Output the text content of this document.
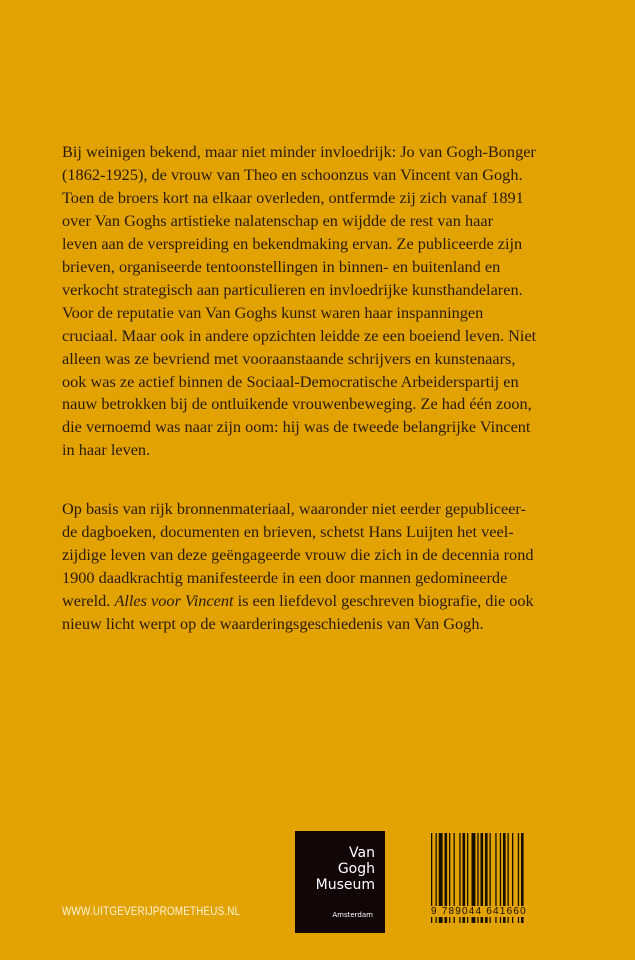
Bij weinigen bekend, maar niet minder invloedrijk: Jo van Gogh-Bonger
(1862-1925), de vrouw van Theo en schoonzus van Vincent van Gogh.
Toen de broers kort na elkaar overleden, ontfermde zij zich vanaf 1891
over Van Goghs artistieke nalatenschap en wijdde de rest van haar
leven aan de verspreiding en bekendmaking ervan. Ze publiceerde zijn
brieven, organiseerde tentoonstellingen in binnen- en buitenland en
verkocht strategisch aan particulieren en invloedrijke kunsthandelaren.
Voor de reputatie van Van Goghs kunst waren haar inspanningen
cruciaal. Maar ook in andere opzichten leidde ze een boeiend leven. Niet
alleen was ze bevriend met vooraanstaande schrijvers en kunstenaars,
ook was ze actief binnen de Sociaal-Democratische Arbeiderspartij en
nauw betrokken bij de ontluikende vrouwenbeweging. Ze had één zoon,
die vernoemd was naar zijn oom: hij was de tweede belangrijke Vincent
in haar leven.
Op basis van rijk bronnenmateriaal, waaronder niet eerder gepubliceer-
de dagboeken, documenten en brieven, schetst Hans Luijten het veel-
zijdige leven van deze geëngageerde vrouw die zich in de decennia rond
1900 daadkrachtig manifesteerde in een door mannen gedomineerde
wereld. Alles voor Vincent is een liefdevol geschreven biografie, die ook
nieuw licht werpt op de waarderingsgeschiedenis van Van Gogh.
WWW.UITGEVERIJPROMETHEUS.NL
Van
Gogh
Museum
Amsterdam	9 789044 641660
